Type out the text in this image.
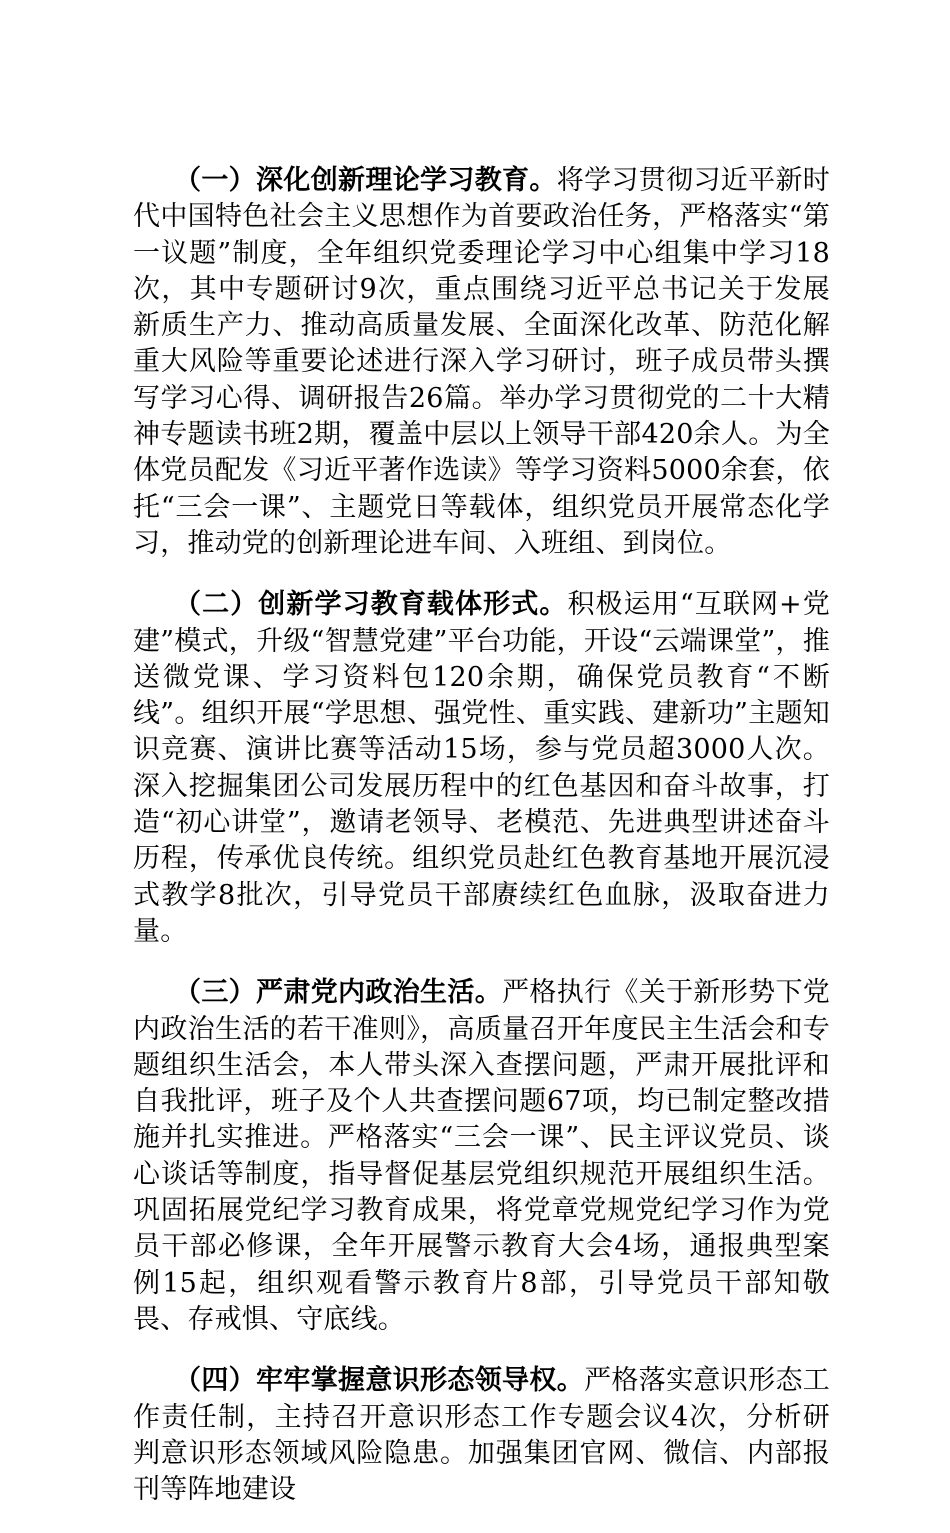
（一）深化创新理论学习教育。将学习贯彻习近平新时代中国特色社会主义思想作为首要政治任务，严格落实“第一议题”制度，全年组织党委理论学习中心组集中学习18次，其中专题研讨9次，重点围绕习近平总书记关于发展新质生产力、推动高质量发展、全面深化改革、防范化解重大风险等重要论述进行深入学习研讨，班子成员带头撰写学习心得、调研报告26篇。举办学习贯彻党的二十大精神专题读书班2期，覆盖中层以上领导干部420余人。为全体党员配发《习近平著作选读》等学习资料5000余套，依托“三会一课”、主题党日等载体，组织党员开展常态化学习，推动党的创新理论进车间、入班组、到岗位。

（二）创新学习教育载体形式。积极运用“互联网+党建”模式，升级“智慧党建”平台功能，开设“云端课堂”，推送微党课、学习资料包120余期，确保党员教育“不断线”。组织开展“学思想、强党性、重实践、建新功”主题知识竞赛、演讲比赛等活动15场，参与党员超3000人次。深入挖掘集团公司发展历程中的红色基因和奋斗故事，打造“初心讲堂”，邀请老领导、老模范、先进典型讲述奋斗历程，传承优良传统。组织党员赴红色教育基地开展沉浸式教学8批次，引导党员干部赓续红色血脉，汲取奋进力量。

（三）严肃党内政治生活。严格执行《关于新形势下党内政治生活的若干准则》，高质量召开年度民主生活会和专题组织生活会，本人带头深入查摆问题，严肃开展批评和自我批评，班子及个人共查摆问题67项，均已制定整改措施并扎实推进。严格落实“三会一课”、民主评议党员、谈心谈话等制度，指导督促基层党组织规范开展组织生活。巩固拓展党纪学习教育成果，将党章党规党纪学习作为党员干部必修课，全年开展警示教育大会4场，通报典型案例15起，组织观看警示教育片8部，引导党员干部知敬畏、存戒惧、守底线。

（四）牢牢掌握意识形态领导权。严格落实意识形态工作责任制，主持召开意识形态工作专题会议4次，分析研判意识形态领域风险隐患。加强集团官网、微信、内部报刊等阵地建设
